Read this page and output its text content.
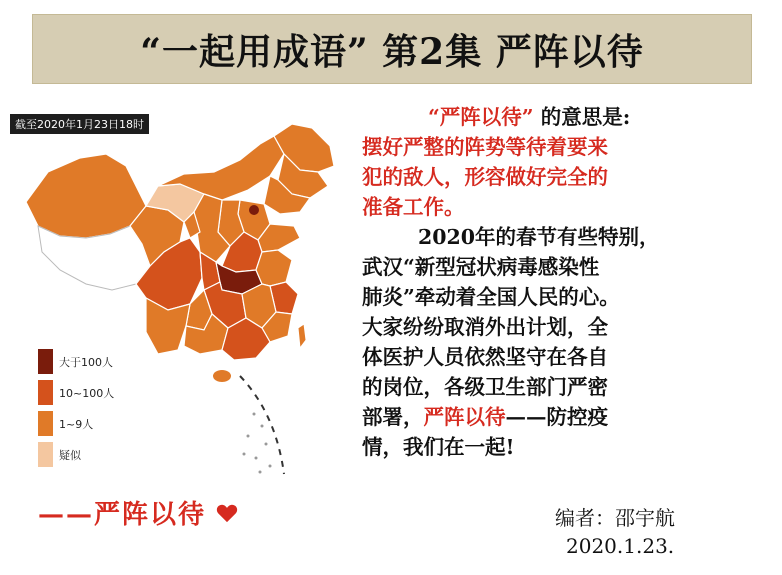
“一起用成语” 第2集 严阵以待
截至2020年1月23日18时
大于100人
10~100人
1~9人
疑似
“严阵以待” 的意思是:
摆好严整的阵势等待着要来
犯的敌人，形容做好完全的
准备工作。
2020年的春节有些特别，
武汉“新型冠状病毒感染性
肺炎”牵动着全国人民的心。
大家纷纷取消外出计划，全
体医护人员依然坚守在各自
的岗位，各级卫生部门严密
部署，严阵以待——防控疫
情，我们在一起!
——严阵以待	编者：邵宇航
2020.1.23.
